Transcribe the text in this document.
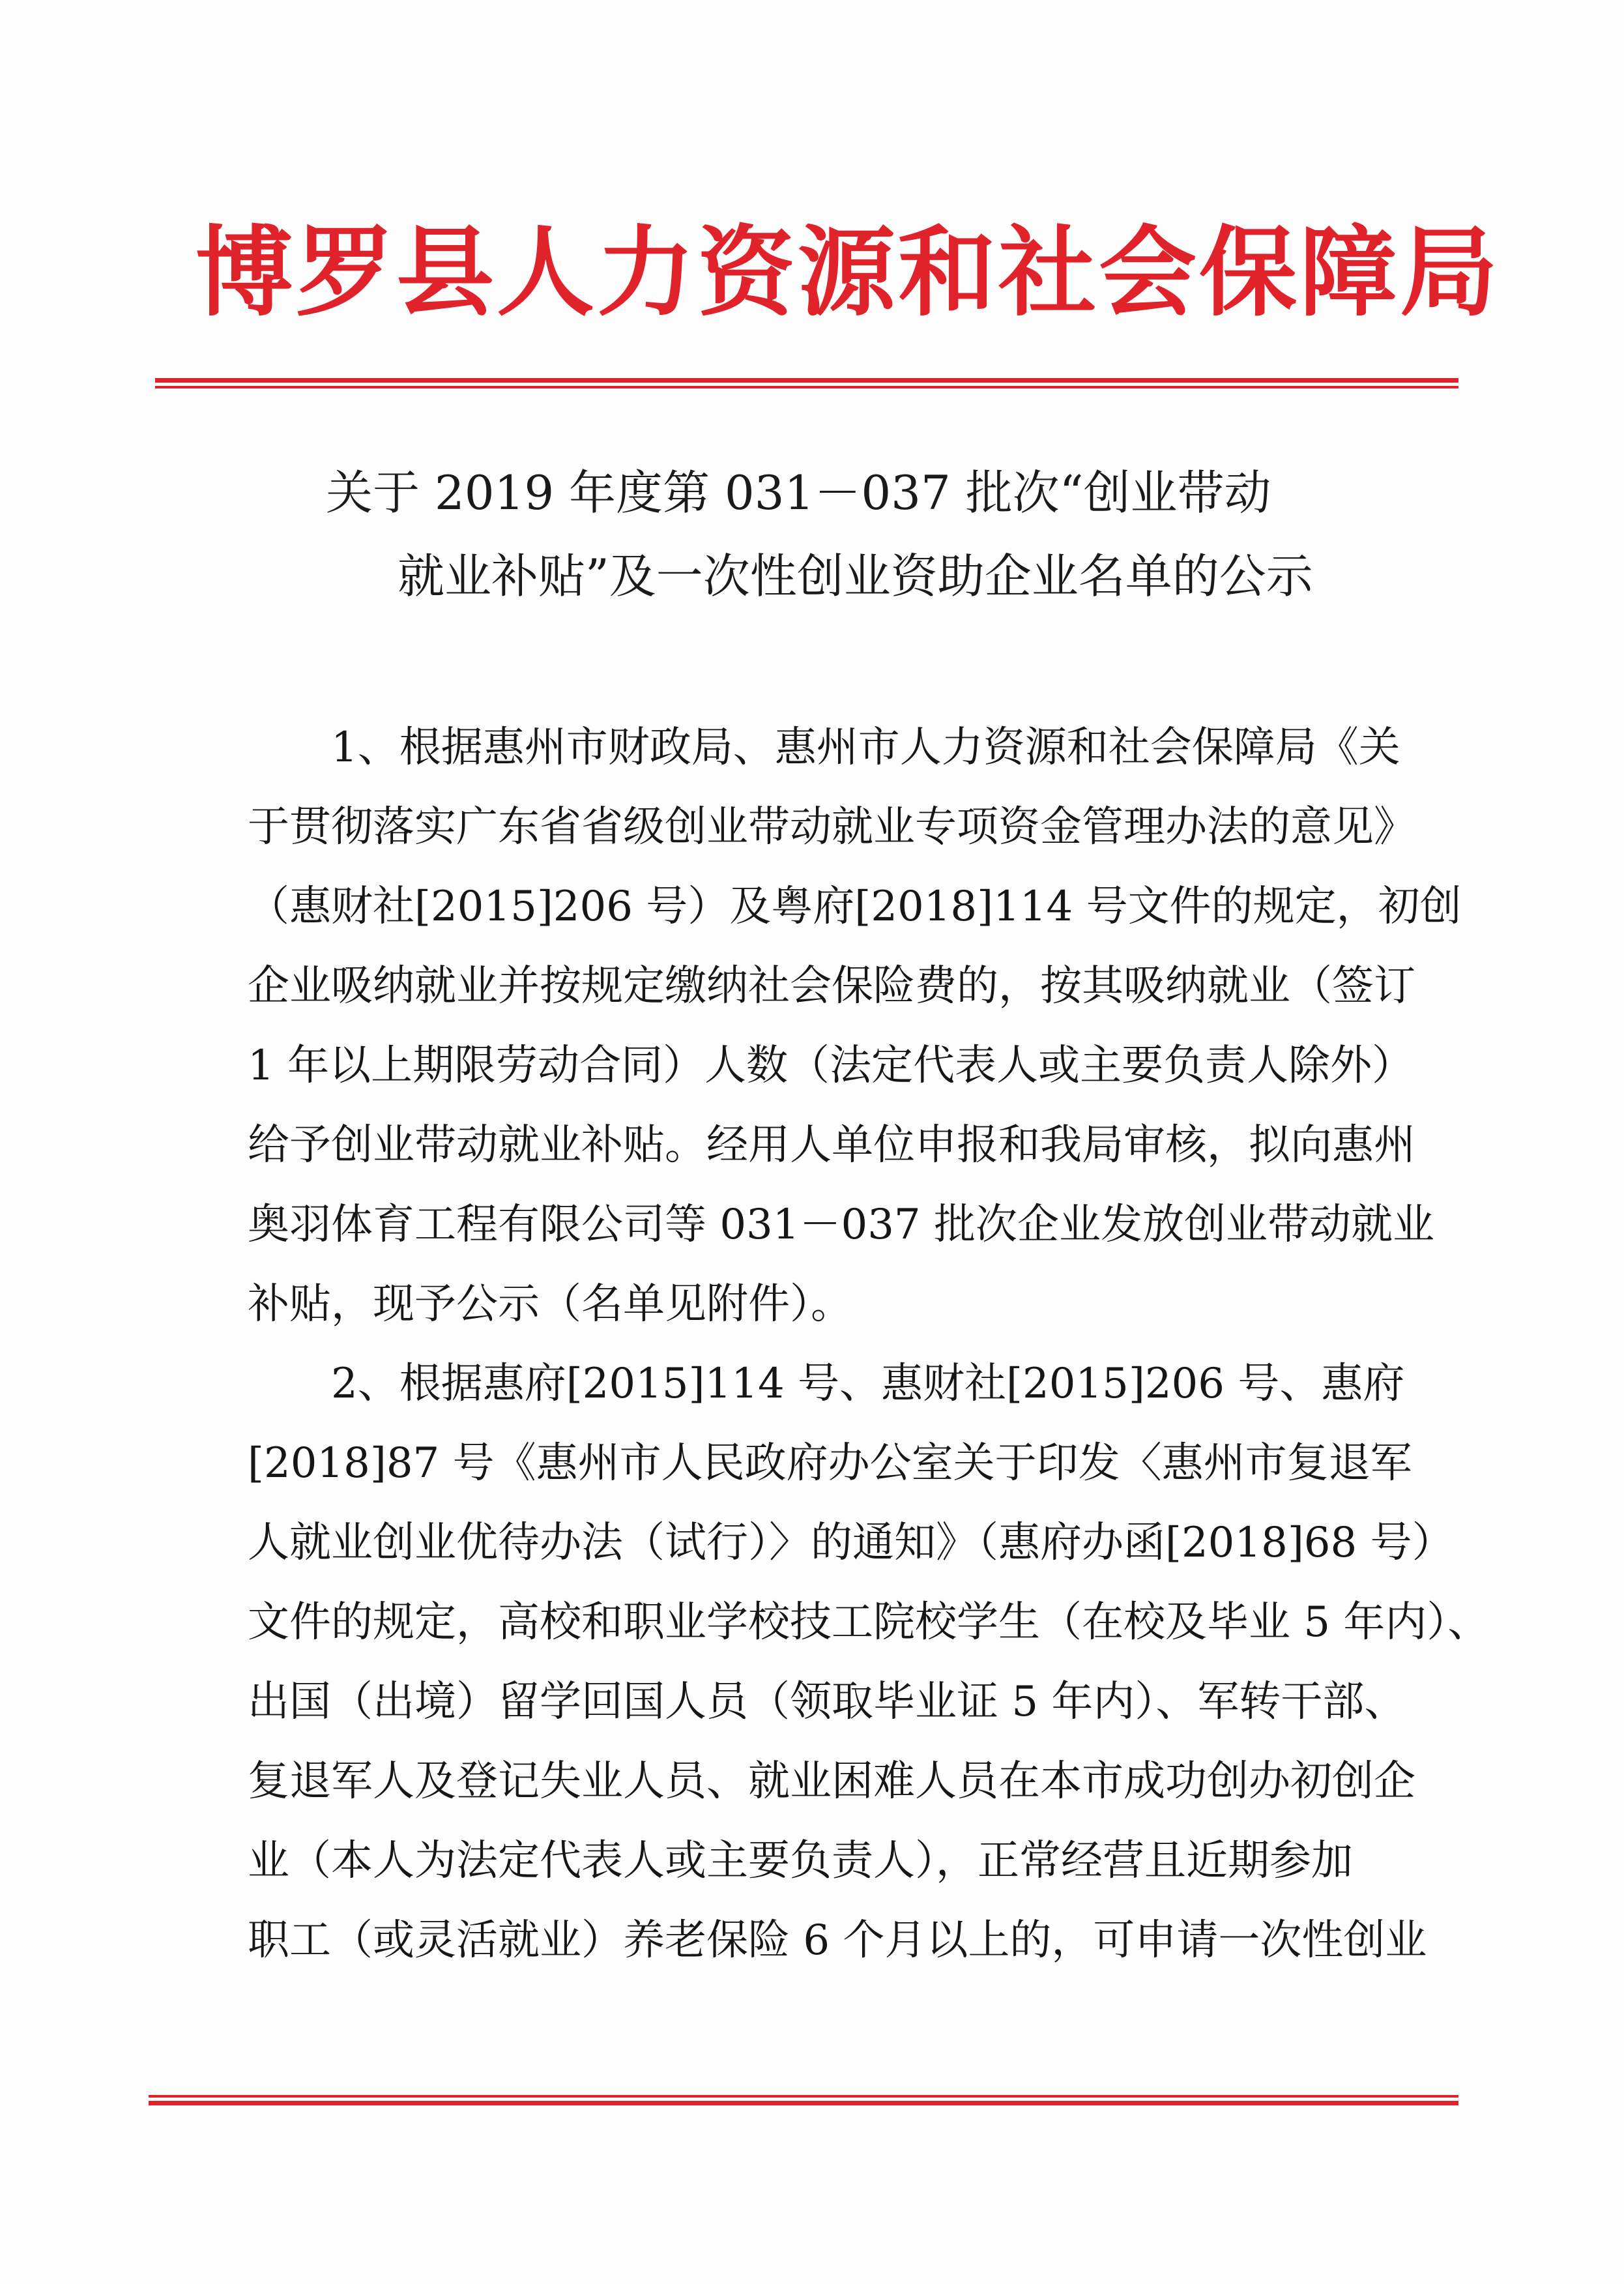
博罗县人力资源和社会保障局
关于 2019 年度第 031－037 批次“创业带动
就业补贴”及一次性创业资助企业名单的公示
1、根据惠州市财政局、惠州市人力资源和社会保障局《关
于贯彻落实广东省省级创业带动就业专项资金管理办法的意见》
（惠财社[2015]206 号）及粤府[2018]114 号文件的规定，初创
企业吸纳就业并按规定缴纳社会保险费的，按其吸纳就业（签订
1 年以上期限劳动合同）人数（法定代表人或主要负责人除外）
给予创业带动就业补贴。经用人单位申报和我局审核，拟向惠州
奥羽体育工程有限公司等 031－037 批次企业发放创业带动就业
补贴，现予公示（名单见附件）。
2、根据惠府[2015]114 号、惠财社[2015]206 号、惠府
[2018]87 号《惠州市人民政府办公室关于印发〈惠州市复退军
人就业创业优待办法（试行）〉的通知》（惠府办函[2018]68 号）
文件的规定，高校和职业学校技工院校学生（在校及毕业 5 年内）、
出国（出境）留学回国人员（领取毕业证 5 年内）、军转干部、
复退军人及登记失业人员、就业困难人员在本市成功创办初创企
业（本人为法定代表人或主要负责人），正常经营且近期参加
职工（或灵活就业）养老保险 6 个月以上的，可申请一次性创业
